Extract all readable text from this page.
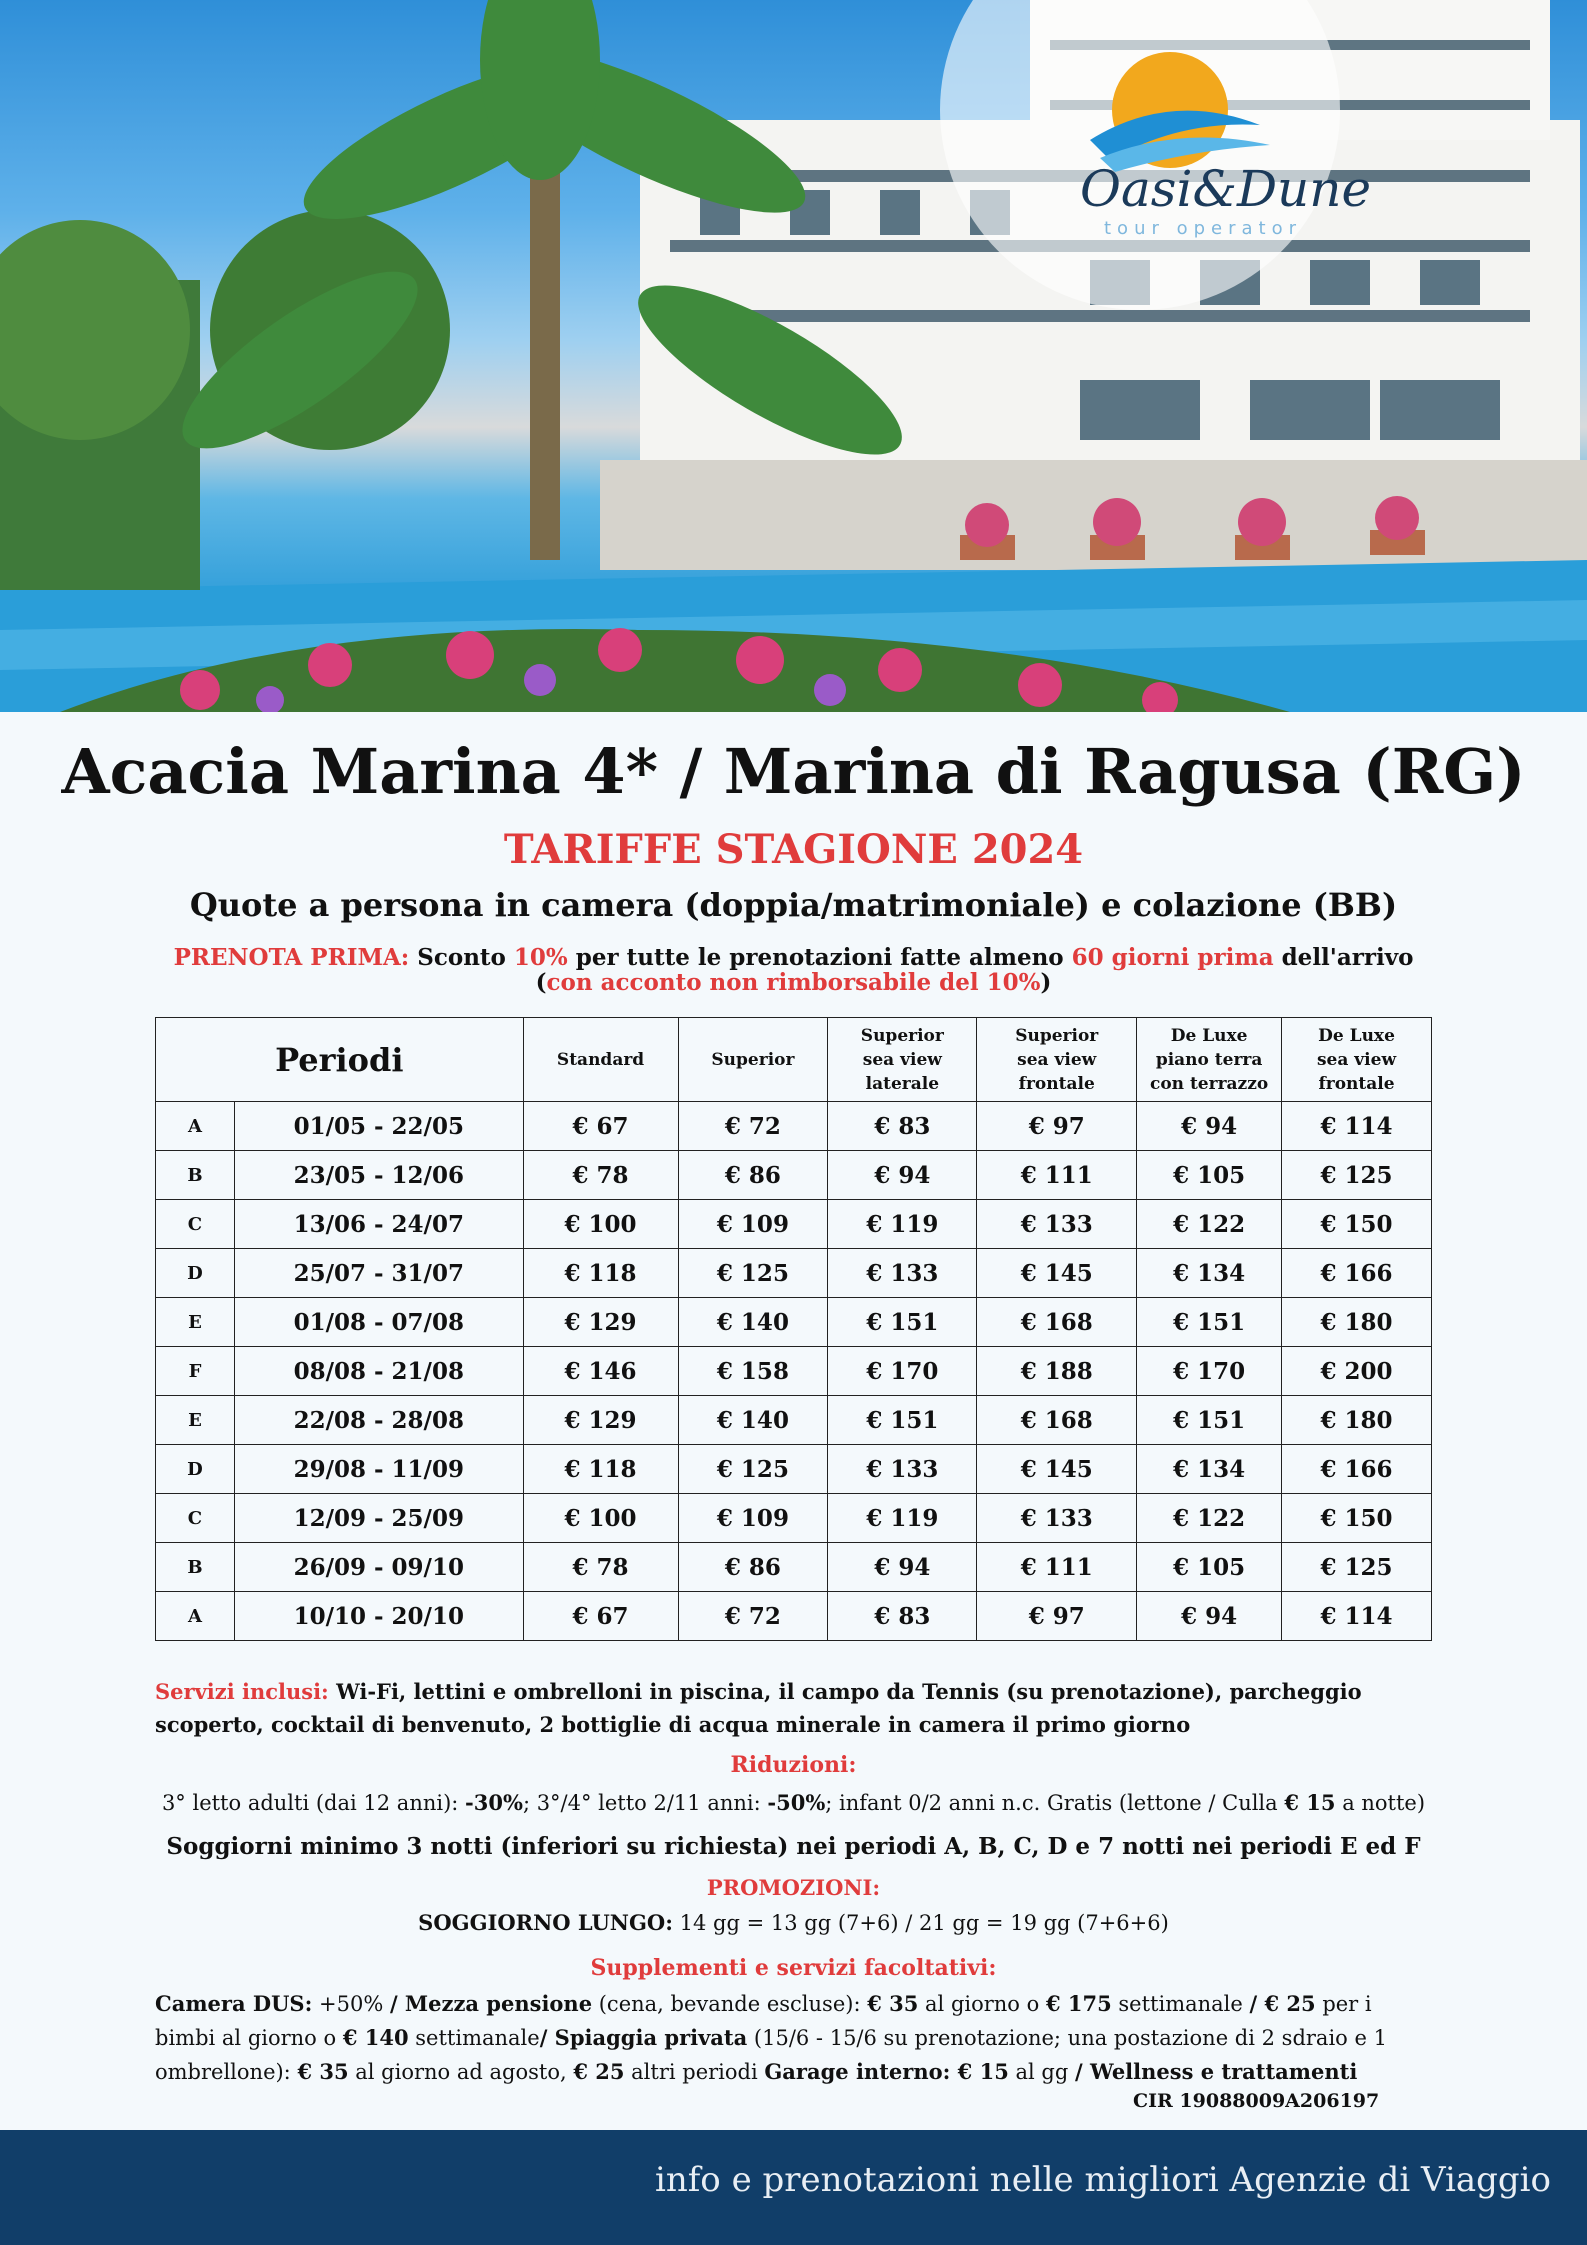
Oasi&Dune
tour operator
Acacia Marina 4* / Marina di Ragusa (RG)
TARIFFE STAGIONE 2024
Quote a persona in camera (doppia/matrimoniale) e colazione (BB)
PRENOTA PRIMA: Sconto 10% per tutte le prenotazioni fatte almeno 60 giorni prima dell'arrivo
(con acconto non rimborsabile del 10%)
Periodi		Standard	Superior	Superior
sea view
laterale	Superior
sea view
frontale	De Luxe
piano terra
con terrazzo	De Luxe
sea view
frontale
A	01/05 - 22/05	€ 67	€ 72	€ 83	€ 97	€ 94	€ 114
B	23/05 - 12/06	€ 78	€ 86	€ 94	€ 111	€ 105	€ 125
C	13/06 - 24/07	€ 100	€ 109	€ 119	€ 133	€ 122	€ 150
D	25/07 - 31/07	€ 118	€ 125	€ 133	€ 145	€ 134	€ 166
E	01/08 - 07/08	€ 129	€ 140	€ 151	€ 168	€ 151	€ 180
F	08/08 - 21/08	€ 146	€ 158	€ 170	€ 188	€ 170	€ 200
E	22/08 - 28/08	€ 129	€ 140	€ 151	€ 168	€ 151	€ 180
D	29/08 - 11/09	€ 118	€ 125	€ 133	€ 145	€ 134	€ 166
C	12/09 - 25/09	€ 100	€ 109	€ 119	€ 133	€ 122	€ 150
B	26/09 - 09/10	€ 78	€ 86	€ 94	€ 111	€ 105	€ 125
A	10/10 - 20/10	€ 67	€ 72	€ 83	€ 97	€ 94	€ 114
Servizi inclusi: Wi-Fi, lettini e ombrelloni in piscina, il campo da Tennis (su prenotazione), parcheggio scoperto, cocktail di benvenuto, 2 bottiglie di acqua minerale in camera il primo giorno
Riduzioni:
3° letto adulti (dai 12 anni): -30%; 3°/4° letto 2/11 anni: -50%; infant 0/2 anni n.c. Gratis (lettone / Culla € 15 a notte)
Soggiorni minimo 3 notti (inferiori su richiesta) nei periodi A, B, C, D e 7 notti nei periodi E ed F
PROMOZIONI:
SOGGIORNO LUNGO: 14 gg = 13 gg (7+6) / 21 gg = 19 gg (7+6+6)
Supplementi e servizi facoltativi:
Camera DUS: +50% / Mezza pensione (cena, bevande escluse): € 35 al giorno o € 175 settimanale / € 25 per i bimbi al giorno o € 140 settimanale/ Spiaggia privata (15/6 - 15/6 su prenotazione; una postazione di 2 sdraio e 1 ombrellone): € 35 al giorno ad agosto, € 25 altri periodi Garage interno: € 15 al gg / Wellness e trattamenti
CIR 19088009A206197
info e prenotazioni nelle migliori Agenzie di Viaggio
